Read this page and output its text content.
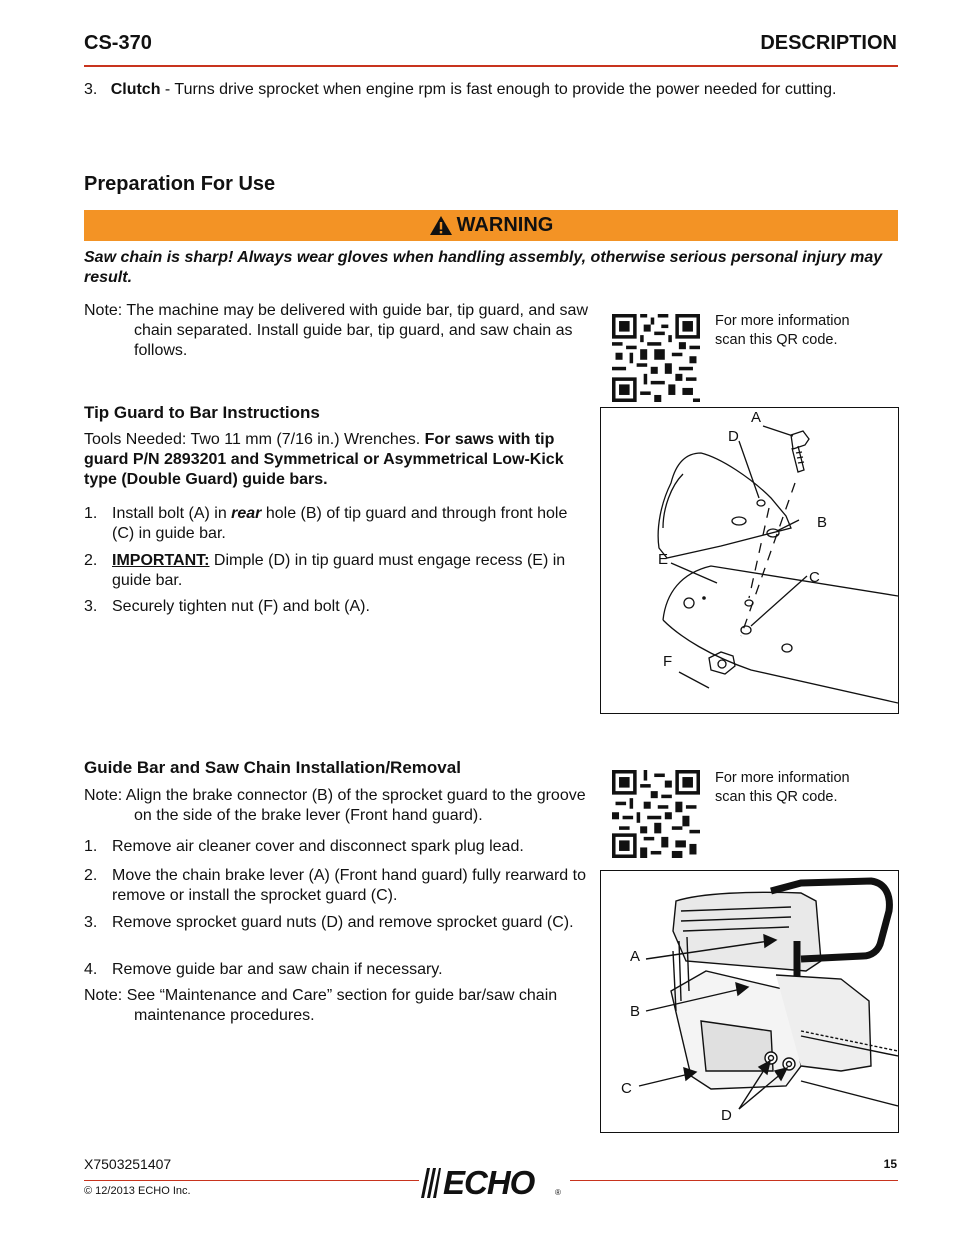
CS-370	DESCRIPTION
3. Clutch - Turns drive sprocket when engine rpm is fast enough to provide the power needed for cutting.
Preparation For Use
WARNING
Saw chain is sharp! Always wear gloves when handling assembly, otherwise serious personal injury may result.
Note: The machine may be delivered with guide bar, tip guard, and saw chain separated. Install guide bar, tip guard, and saw chain as follows.
For more information
scan this QR code.
Tip Guard to Bar Instructions
Tools Needed: Two 11 mm (7/16 in.) Wrenches. For saws with tip guard P/N 2893201 and Symmetrical or Asymmetrical Low-Kick type (Double Guard) guide bars.
1. Install bolt (A) in rear hole (B) of tip guard and through front hole (C) in guide bar.
2. IMPORTANT: Dimple (D) in tip guard must engage recess (E) in guide bar.
3. Securely tighten nut (F) and bolt (A).
A
D
B
E
C
F
Guide Bar and Saw Chain Installation/Removal
Note: Align the brake connector (B) of the sprocket guard to the groove on the side of the brake lever (Front hand guard).
1. Remove air cleaner cover and disconnect spark plug lead.
2. Move the chain brake lever (A) (Front hand guard) fully rearward to remove or install the sprocket guard (C).
3. Remove sprocket guard nuts (D) and remove sprocket guard (C).
4. Remove guide bar and saw chain if necessary.
Note: See “Maintenance and Care” section for guide bar/saw chain maintenance procedures.
For more information
scan this QR code.
A
B
C
D
X7503251407	15
ECHO	®
© 12/2013 ECHO Inc.
